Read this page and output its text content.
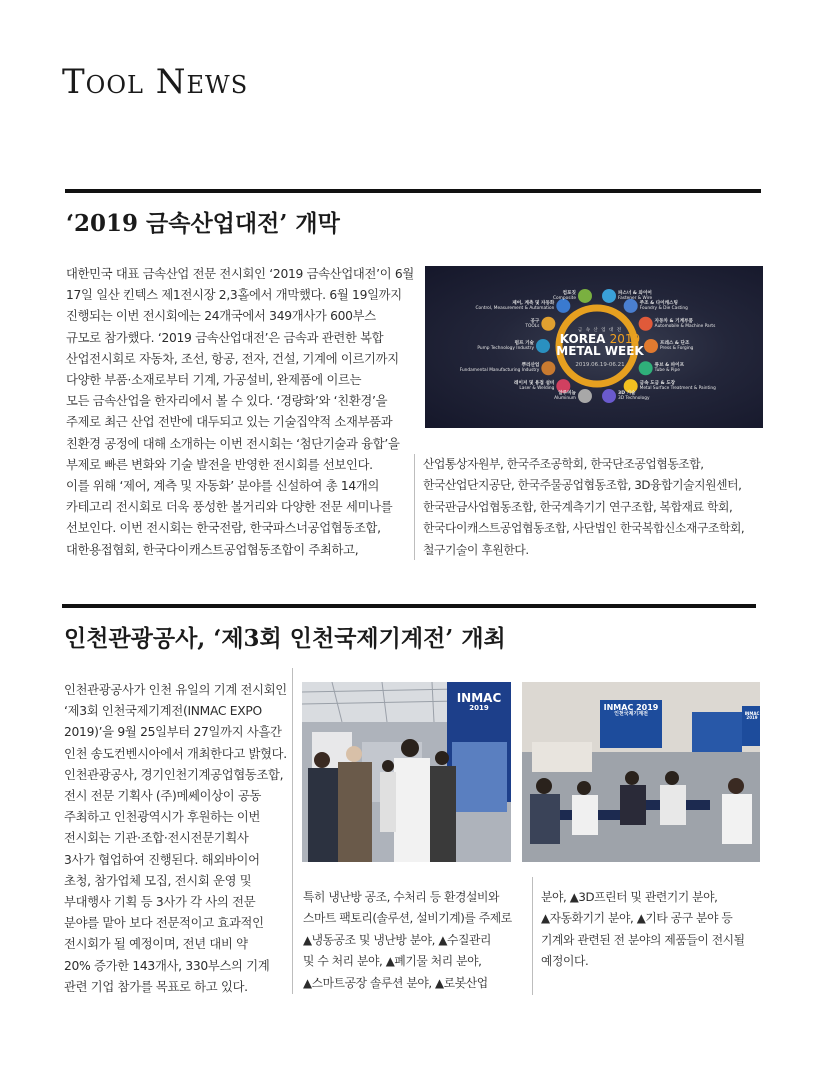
Tool News
‘2019 금속산업대전’ 개막

대한민국 대표 금속산업 전문 전시회인 ‘2019 금속산업대전’이 6월

17일 일산 킨텍스 제1전시장 2,3홀에서 개막했다. 6월 19일까지

진행되는 이번 전시회에는 24개국에서 349개사가 600부스

규모로 참가했다. ‘2019 금속산업대전’은 금속과 관련한 복합

산업전시회로 자동차, 조선, 항공, 전자, 건설, 기계에 이르기까지

다양한 부품·소재로부터 기계, 가공설비, 완제품에 이르는

모든 금속산업을 한자리에서 볼 수 있다. ‘경량화’와 ‘친환경’을

주제로 최근 산업 전반에 대두되고 있는 기술집약적 소재부품과

친환경 공정에 대해 소개하는 이번 전시회는 ‘첨단기술과 융합’을

부제로 빠른 변화와 기술 발전을 반영한 전시회를 선보인다.

이를 위해 ‘제어, 계측 및 자동화’ 분야를 신설하여 총 14개의

카테고리 전시회로 더욱 풍성한 볼거리와 다양한 전문 세미나를

선보인다. 이번 전시회는 한국전람, 한국파스너공업협동조합,

대한용접협회, 한국다이캐스트공업협동조합이 주최하고,

금 속 산 업 대 전
KOREA 2019
METAL WEEK
2019.06.19-06.21
파스너 & 와이어
Fastener & Wire
주조 & 다이캐스팅
Foundry & Die Casting
자동차 & 기계부품
Automobile & Machine Parts
프레스 & 단조
Press & Forging
튜브 & 파이프
Tube & Pipe
금속 도금 & 도장
Metal Surface Treatment & Painting
3D 기술
3D Technology
알루미늄
Aluminum
레이저 및 용접 설비
Laser & Welding
뿌리산업
Fundamental Manufacturing Industry
펌프 기술
Pump Technology Industry
공구
TOOLs
제어, 계측 및 자동화
Control, Measurement & Automation
컴포짓
Composite

산업통상자원부, 한국주조공학회, 한국단조공업협동조합,

한국산업단지공단, 한국주물공업협동조합, 3D융합기술지원센터,

한국판금사업협동조합, 한국계측기기 연구조합, 복합재료 학회,

한국다이캐스트공업협동조합, 사단법인 한국복합신소재구조학회,

철구기술이 후원한다.

인천관광공사, ‘제3회 인천국제기계전’ 개최

인천관광공사가 인천 유일의 기계 전시회인

‘제3회 인천국제기계전(INMAC EXPO

2019)’을 9월 25일부터 27일까지 사흘간

인천 송도컨벤시아에서 개최한다고 밝혔다.

인천관광공사, 경기인천기계공업협동조합,

전시 전문 기획사 (주)메쎄이상이 공동

주최하고 인천광역시가 후원하는 이번

전시회는 기관·조합·전시전문기획사

3사가 협업하여 진행된다. 해외바이어

초청, 참가업체 모집, 전시회 운영 및

부대행사 기획 등 3사가 각 사의 전문

분야를 맡아 보다 전문적이고 효과적인

전시회가 될 예정이며, 전년 대비 약

20% 증가한 143개사, 330부스의 기계

관련 기업 참가를 목표로 하고 있다.

INMAC
2019	INMAC 2019
인천국제기계전	INMAC 2019

특히 냉난방 공조, 수처리 등 환경설비와

스마트 팩토리(솔루션, 설비기계)를 주제로

▲냉동공조 및 냉난방 분야, ▲수질관리

및 수 처리 분야, ▲폐기물 처리 분야,

▲스마트공장 솔루션 분야, ▲로봇산업

분야, ▲3D프린터 및 관련기기 분야,

▲자동화기기 분야, ▲기타 공구 분야 등

기계와 관련된 전 분야의 제품들이 전시될

예정이다.
